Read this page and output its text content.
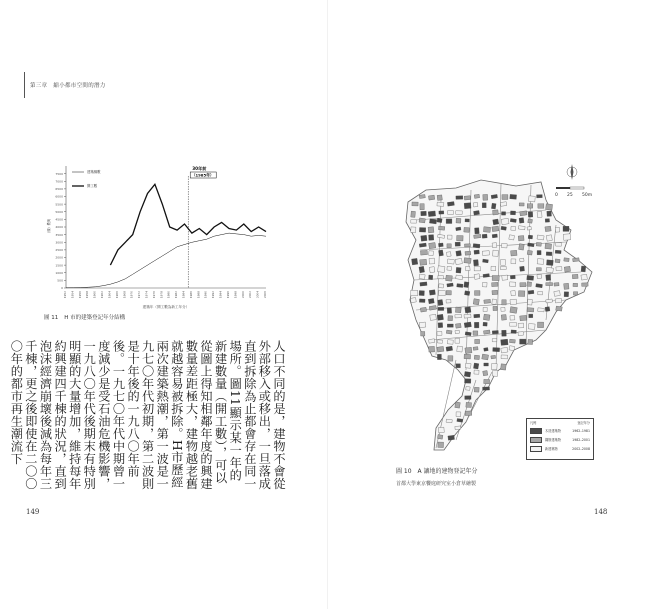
第三章 縮小都市空間的潛力
0
500
1000
1500
2000
2500
3000
3500
4000
4500
5000
5500
6000
6500
7000
7500
1952 1954 1956 1958 1960 1962 1964 1966 1968 1970 1972 1974 1976 1978 1980 1982 1984 1986 1988 1990 1992 1994 1996 1998 2000 2002 2004 2006
（棟）數與
建築年（開工數為新工年分）
建築棟數
開工數
30年前
（1985年）
圖 11 H 市的建築登記年分結構
人口不同的是，建物不會從外部移入或移出，一旦落成直到拆除為止都會存在同一場所。圖11顯示某一年的新建數量（開工數），可以從圖上得知相鄰年度的興建數量差距極大，建物越老舊就越容易被拆除。H市歷經兩次建築熱潮，第一波是一九七〇年代初期，第二波則是十年後的一九八〇年前後。一九七〇年代中期曾一度減少是受石油危機影響，一九八〇年代後期末有特別明顯的大量增加，維持每年約興建四千棟的狀況，直到泡沫經濟崩壞後減為每年三千棟，更之後即使在二〇〇〇年的都市再生潮流下
149	148
0 25 50m
凡例	登記年分
木造建築物	1962–1981
鋼筋建築物	1982–2001
新建築物	2002–2008
圖 10 A 讓地的建物登記年分
首都大學東京饗庭研究室小倉草繪製
